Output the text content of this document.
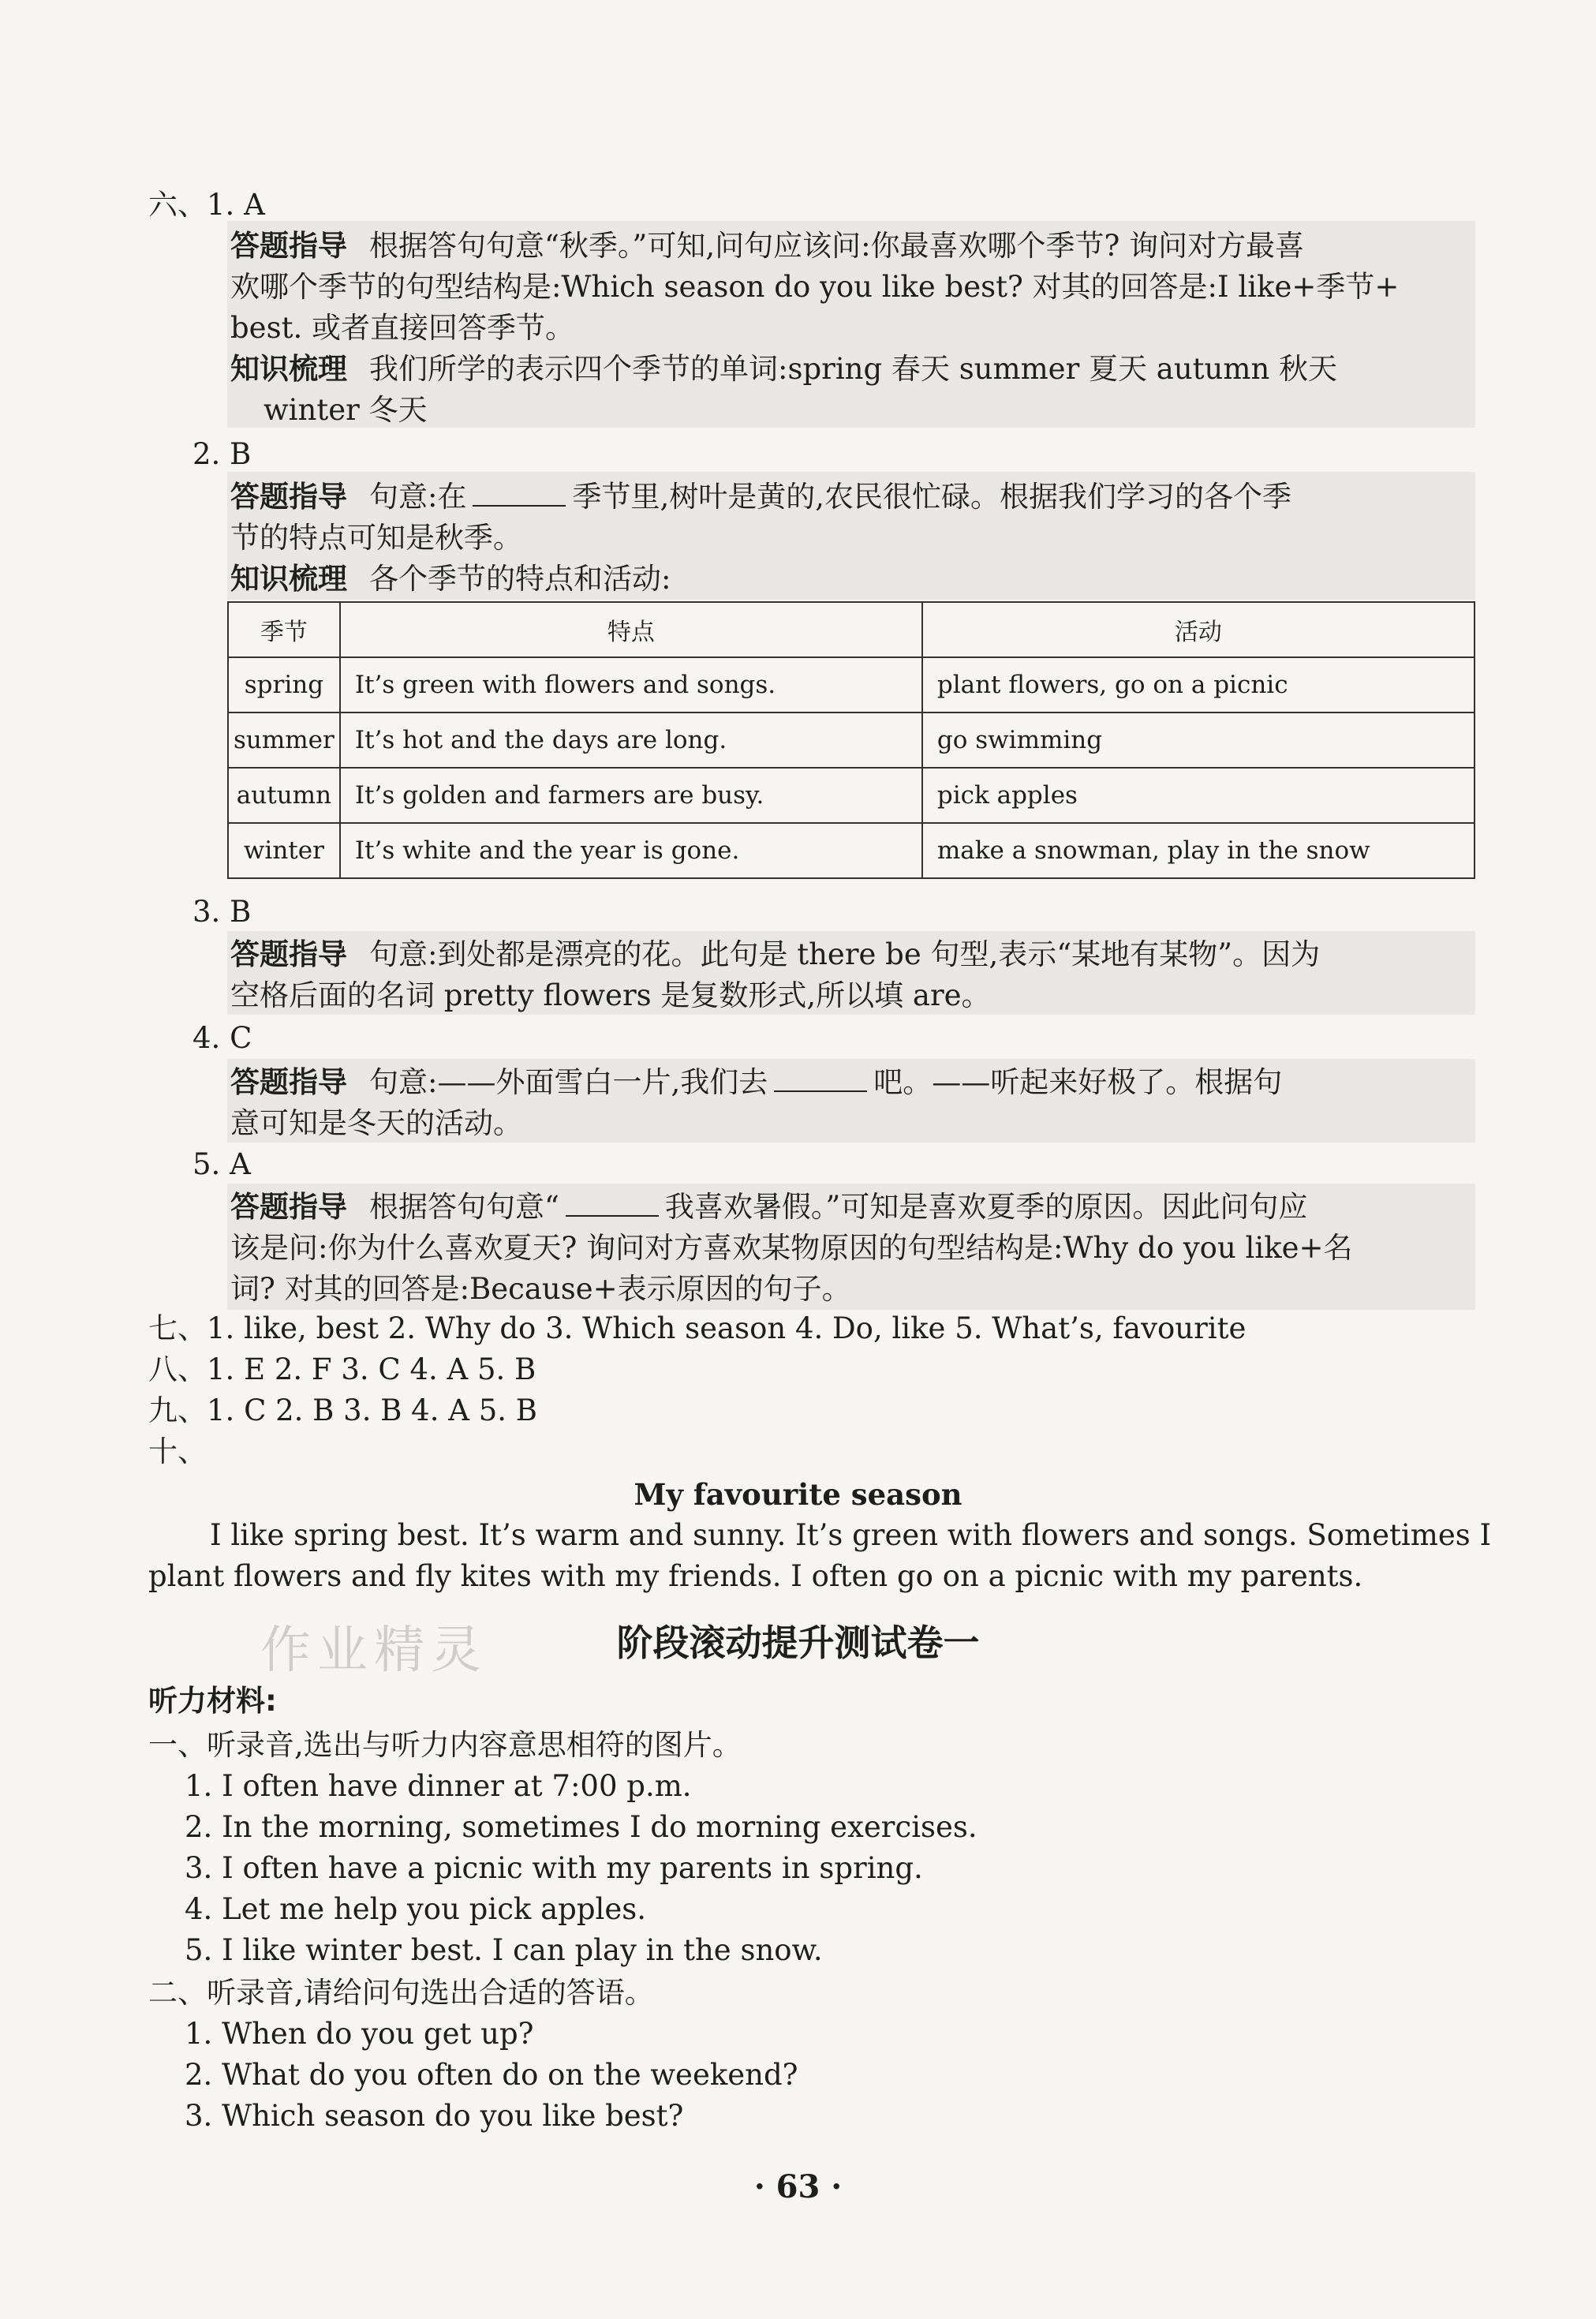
六、1. A
答题指导 根据答句句意“秋季。”可知,问句应该问:你最喜欢哪个季节? 询问对方最喜
欢哪个季节的句型结构是:Which season do you like best? 对其的回答是:I like+季节+
best. 或者直接回答季节。
知识梳理 我们所学的表示四个季节的单词:spring 春天 summer 夏天 autumn 秋天
winter 冬天
2. B
答题指导 句意:在	季节里,树叶是黄的,农民很忙碌。根据我们学习的各个季
节的特点可知是秋季。
知识梳理 各个季节的特点和活动:
季节	特点	活动
spring	It’s green with flowers and songs.	plant flowers, go on a picnic
summer	It’s hot and the days are long.	go swimming
autumn	It’s golden and farmers are busy.	pick apples
winter	It’s white and the year is gone.	make a snowman, play in the snow
3. B
答题指导 句意:到处都是漂亮的花。此句是 there be 句型,表示“某地有某物”。因为
空格后面的名词 pretty flowers 是复数形式,所以填 are。
4. C
答题指导 句意:——外面雪白一片,我们去	吧。——听起来好极了。根据句
意可知是冬天的活动。
5. A
答题指导 根据答句句意“	我喜欢暑假。”可知是喜欢夏季的原因。因此问句应
该是问:你为什么喜欢夏天? 询问对方喜欢某物原因的句型结构是:Why do you like+名
词? 对其的回答是:Because+表示原因的句子。
七、1. like, best 2. Why do 3. Which season 4. Do, like 5. What’s, favourite
八、1. E 2. F 3. C 4. A 5. B
九、1. C 2. B 3. B 4. A 5. B
十、
My favourite season
I like spring best. It’s warm and sunny. It’s green with flowers and songs. Sometimes I
plant flowers and fly kites with my friends. I often go on a picnic with my parents.
作业精灵	阶段滚动提升测试卷一
听力材料:
一、听录音,选出与听力内容意思相符的图片。
1. I often have dinner at 7:00 p.m.
2. In the morning, sometimes I do morning exercises.
3. I often have a picnic with my parents in spring.
4. Let me help you pick apples.
5. I like winter best. I can play in the snow.
二、听录音,请给问句选出合适的答语。
1. When do you get up?
2. What do you often do on the weekend?
3. Which season do you like best?
· 63 ·
